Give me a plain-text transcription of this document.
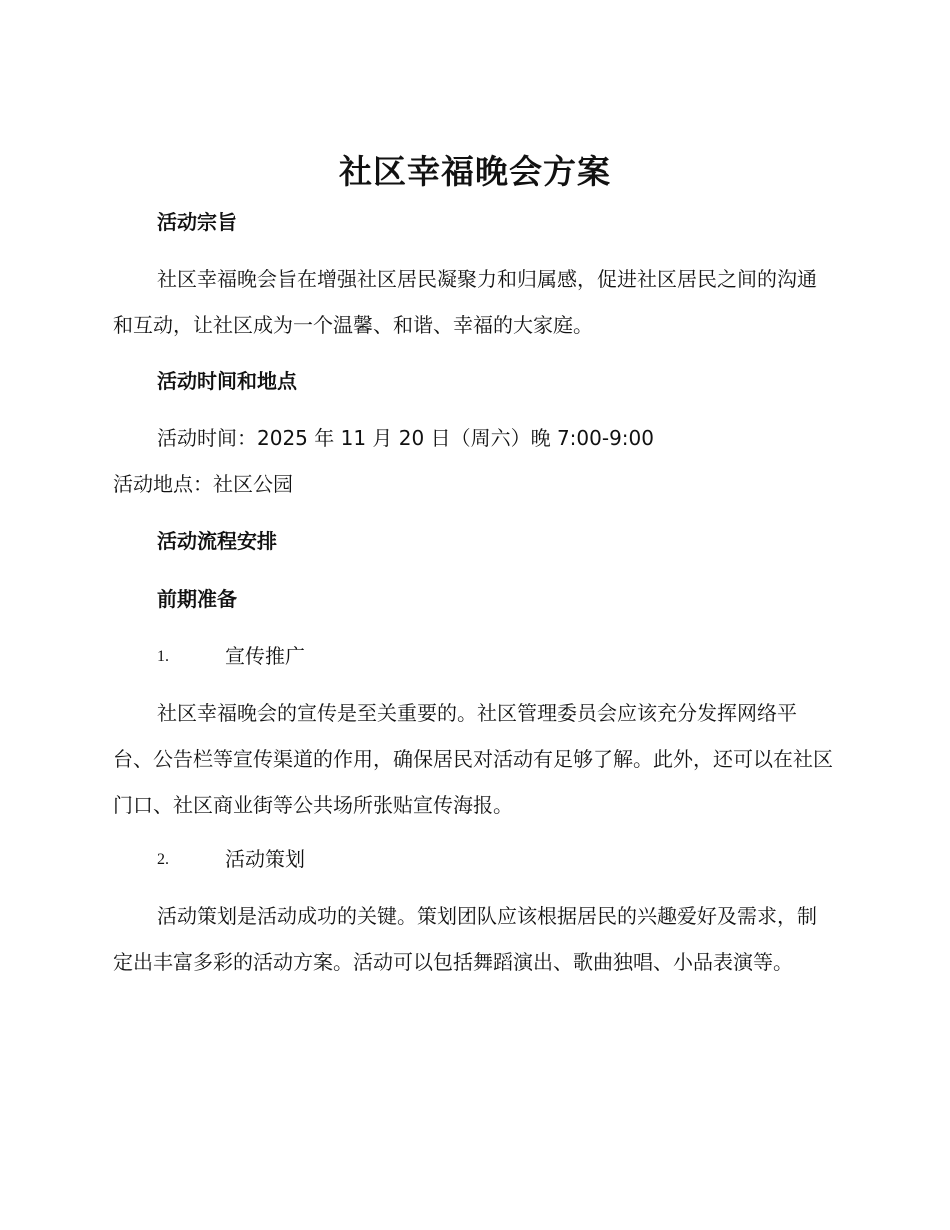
社区幸福晚会方案
活动宗旨

社区幸福晚会旨在增强社区居民凝聚力和归属感，促进社区居民之间的沟通和互动，让社区成为一个温馨、和谐、幸福的大家庭。

活动时间和地点
活动时间：2025 年 11 月 20 日（周六）晚 7:00-9:00
活动地点：社区公园
活动流程安排
前期准备
1.	宣传推广

社区幸福晚会的宣传是至关重要的。社区管理委员会应该充分发挥网络平台、公告栏等宣传渠道的作用，确保居民对活动有足够了解。此外，还可以在社区门口、社区商业街等公共场所张贴宣传海报。

2.	活动策划

活动策划是活动成功的关键。策划团队应该根据居民的兴趣爱好及需求，制定出丰富多彩的活动方案。活动可以包括舞蹈演出、歌曲独唱、小品表演等。
